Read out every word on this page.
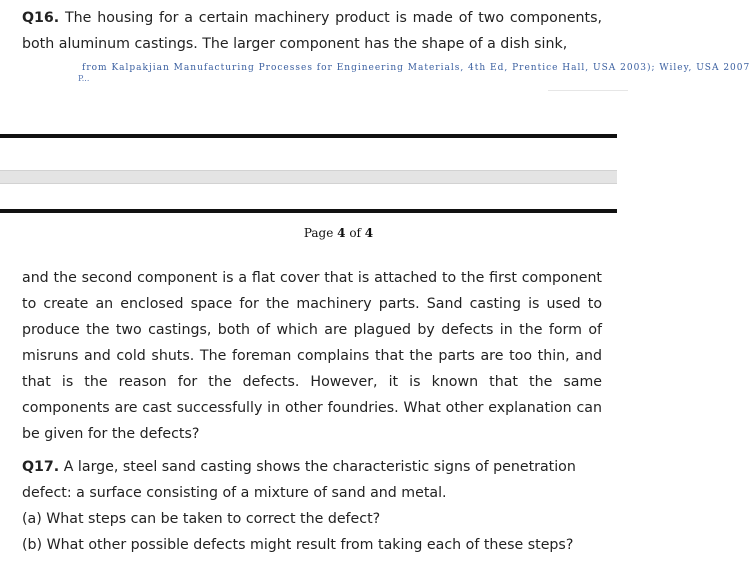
Q16. The housing for a certain machinery product is made of two components, both aluminum castings. The larger component has the shape of a dish sink,
from Kalpakjian Manufacturing Processes for Engineering Materials, 4th Ed, Prentice Hall, USA 2003); Wiley, USA 2007
P...
Page 4 of 4
and the second component is a flat cover that is attached to the first component to create an enclosed space for the machinery parts. Sand casting is used to produce the two castings, both of which are plagued by defects in the form of misruns and cold shuts. The foreman complains that the parts are too thin, and that is the reason for the defects. However, it is known that the same components are cast successfully in other foundries. What other explanation can be given for the defects?
Q17. A large, steel sand casting shows the characteristic signs of penetration defect: a surface consisting of a mixture of sand and metal.
(a) What steps can be taken to correct the defect?
(b) What other possible defects might result from taking each of these steps?
